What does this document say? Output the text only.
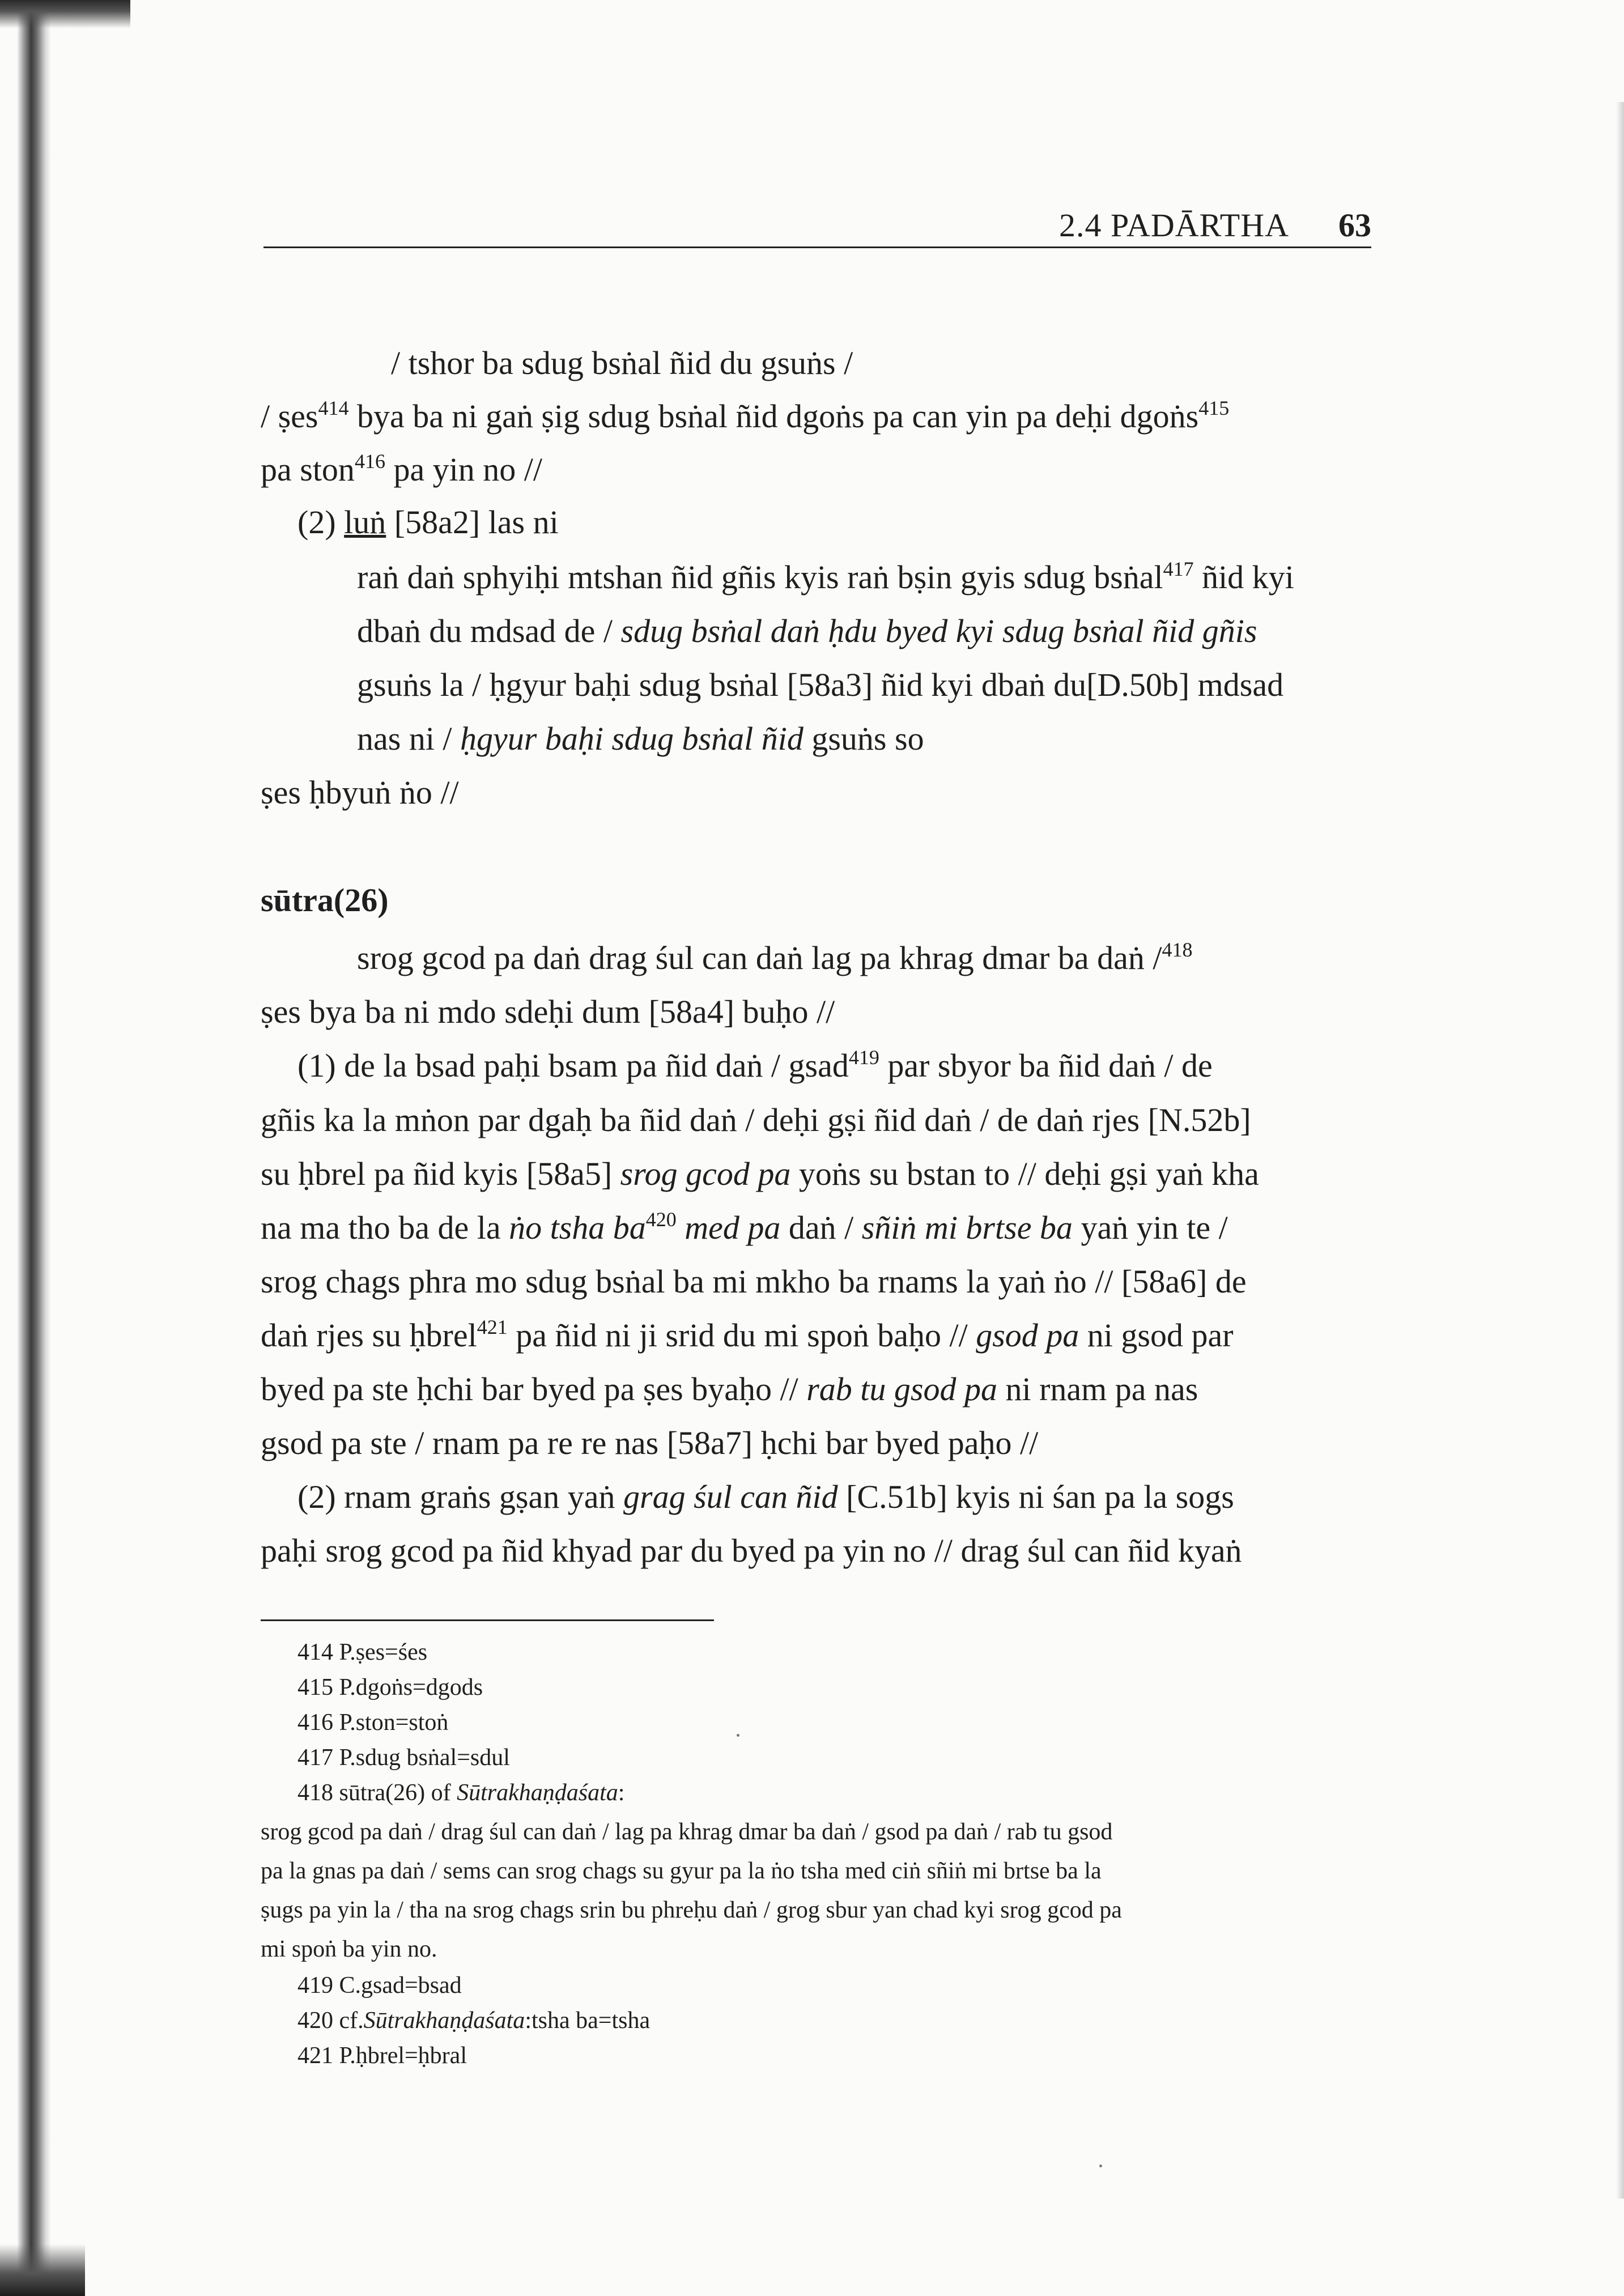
2.4 PADĀRTHA 63
/ tshor ba sdug bsṅal ñid du gsuṅs /
/ ṣes$^{414}$ bya ba ni gaṅ ṣig sdug bsṅal ñid dgoṅs pa can yin pa deḥi dgoṅs$^{415}$
pa ston$^{416}$ pa yin no //
(2) luṅ [58a2] las ni
raṅ daṅ sphyiḥi mtshan ñid gñis kyis raṅ bṣin gyis sdug bsṅal$^{417}$ ñid kyi
dbaṅ du mdsad de / sdug bsṅal daṅ ḥdu byed kyi sdug bsṅal ñid gñis
gsuṅs la / ḥgyur baḥi sdug bsṅal [58a3] ñid kyi dbaṅ du[D.50b] mdsad
nas ni / ḥgyur baḥi sdug bsṅal ñid gsuṅs so
ṣes ḥbyuṅ ṅo //
sūtra(26)
srog gcod pa daṅ drag śul can daṅ lag pa khrag dmar ba daṅ /$^{418}$
ṣes bya ba ni mdo sdeḥi dum [58a4] buḥo //
(1) de la bsad paḥi bsam pa ñid daṅ / gsad$^{419}$ par sbyor ba ñid daṅ / de
gñis ka la mṅon par dgaḥ ba ñid daṅ / deḥi gṣi ñid daṅ / de daṅ rjes [N.52b]
su ḥbrel pa ñid kyis [58a5] srog gcod pa yoṅs su bstan to // deḥi gṣi yaṅ kha
na ma tho ba de la ṅo tsha $ba^{420}$ med pa daṅ / sñiṅ mi brtse ba yaṅ yin te /
srog chags phra mo sdug bsṅal ba mi mkho ba rnams la yaṅ ṅo // [58a6] de
daṅ rjes su ḥbrel$^{421}$ pa ñid ni ji srid du mi spoṅ baḥo // gsod pa ni gsod par
byed pa ste ḥchi bar byed pa ṣes byaḥo // rab tu gsod pa ni rnam pa nas
gsod pa ste / rnam pa re re nas [58a7] ḥchi bar byed paḥo //
(2) rnam graṅs gṣan yaṅ grag śul can ñid [C.51b] kyis ni śan pa la sogs
paḥi srog gcod pa ñid khyad par du byed pa yin no // drag śul can ñid kyaṅ
414 P.ṣes=śes
415 P.dgoṅs=dgods
416 P.ston=stoṅ
417 P.sdug bsṅal=sdul
418 sūtra(26) of Sūtrakhaṇḍaśata:
srog gcod pa daṅ / drag śul can daṅ / lag pa khrag dmar ba daṅ / gsod pa daṅ / rab tu gsod
pa la gnas pa daṅ / sems can srog chags su gyur pa la ṅo tsha med ciṅ sñiṅ mi brtse ba la
ṣugs pa yin la / tha na srog chags srin bu phreḥu daṅ / grog sbur yan chad kyi srog gcod pa
mi spoṅ ba yin no.
419 C.gsad=bsad
420 cf.Sūtrakhaṇḍaśata:tsha ba=tsha
421 P.ḥbrel=ḥbral
